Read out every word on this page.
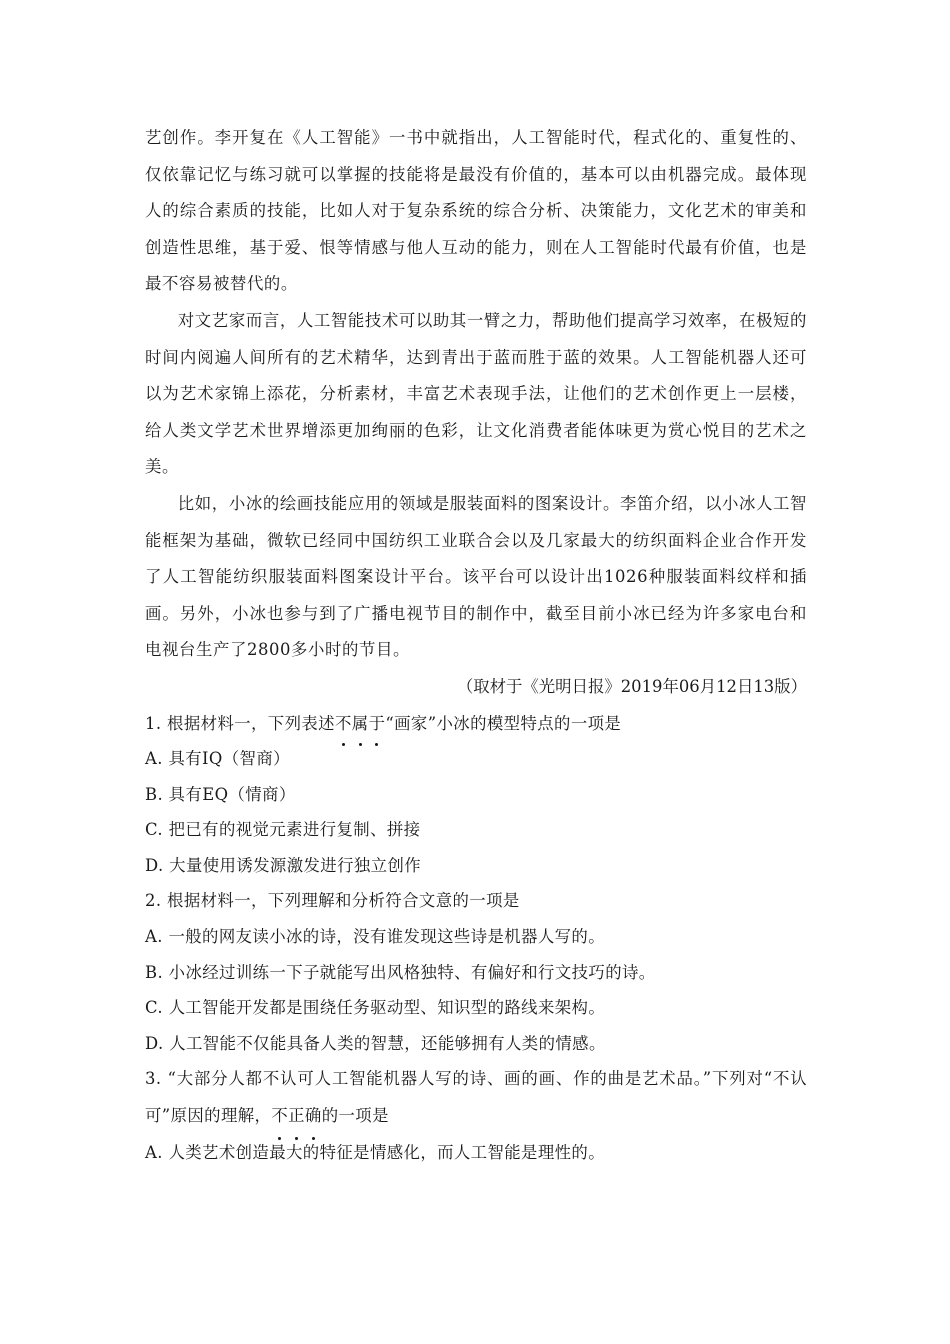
艺创作。李开复在《人工智能》一书中就指出，人工智能时代，程式化的、重复性的、仅依靠记忆与练习就可以掌握的技能将是最没有价值的，基本可以由机器完成。最体现人的综合素质的技能，比如人对于复杂系统的综合分析、决策能力，文化艺术的审美和创造性思维，基于爱、恨等情感与他人互动的能力，则在人工智能时代最有价值，也是最不容易被替代的。

对文艺家而言，人工智能技术可以助其一臂之力，帮助他们提高学习效率，在极短的时间内阅遍人间所有的艺术精华，达到青出于蓝而胜于蓝的效果。人工智能机器人还可以为艺术家锦上添花，分析素材，丰富艺术表现手法，让他们的艺术创作更上一层楼，给人类文学艺术世界增添更加绚丽的色彩，让文化消费者能体味更为赏心悦目的艺术之美。

比如，小冰的绘画技能应用的领域是服装面料的图案设计。李笛介绍，以小冰人工智能框架为基础，微软已经同中国纺织工业联合会以及几家最大的纺织面料企业合作开发了人工智能纺织服装面料图案设计平台。该平台可以设计出1026种服装面料纹样和插画。另外，小冰也参与到了广播电视节目的制作中，截至目前小冰已经为许多家电台和电视台生产了2800多小时的节目。

（取材于《光明日报》2019年06月12日13版）

1. 根据材料一，下列表述不属于“画家”小冰的模型特点的一项是

A. 具有IQ（智商）

B. 具有EQ（情商）

C. 把已有的视觉元素进行复制、拼接

D. 大量使用诱发源激发进行独立创作

2. 根据材料一，下列理解和分析符合文意的一项是

A. 一般的网友读小冰的诗，没有谁发现这些诗是机器人写的。

B. 小冰经过训练一下子就能写出风格独特、有偏好和行文技巧的诗。

C. 人工智能开发都是围绕任务驱动型、知识型的路线来架构。

D. 人工智能不仅能具备人类的智慧，还能够拥有人类的情感。

3. “大部分人都不认可人工智能机器人写的诗、画的画、作的曲是艺术品。”下列对“不认可”原因的理解，不正确的一项是

A. 人类艺术创造最大的特征是情感化，而人工智能是理性的。
